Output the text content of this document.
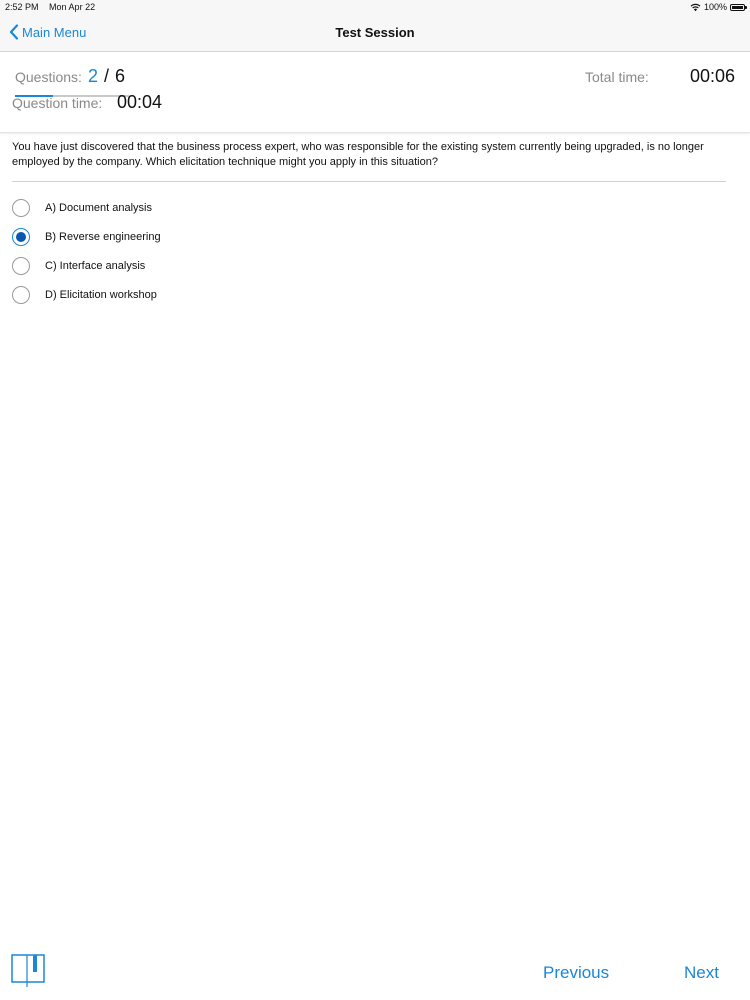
2:52 PM Mon Apr 22	100%
Main Menu	Test Session
Questions: 2 / 6	Total time:	00:06
Question time: 00:04
You have just discovered that the business process expert, who was responsible for the existing system currently being upgraded, is no longer employed by the company. Which elicitation technique might you apply in this situation?
A) Document analysis
B) Reverse engineering
C) Interface analysis
D) Elicitation workshop
Previous	Next
